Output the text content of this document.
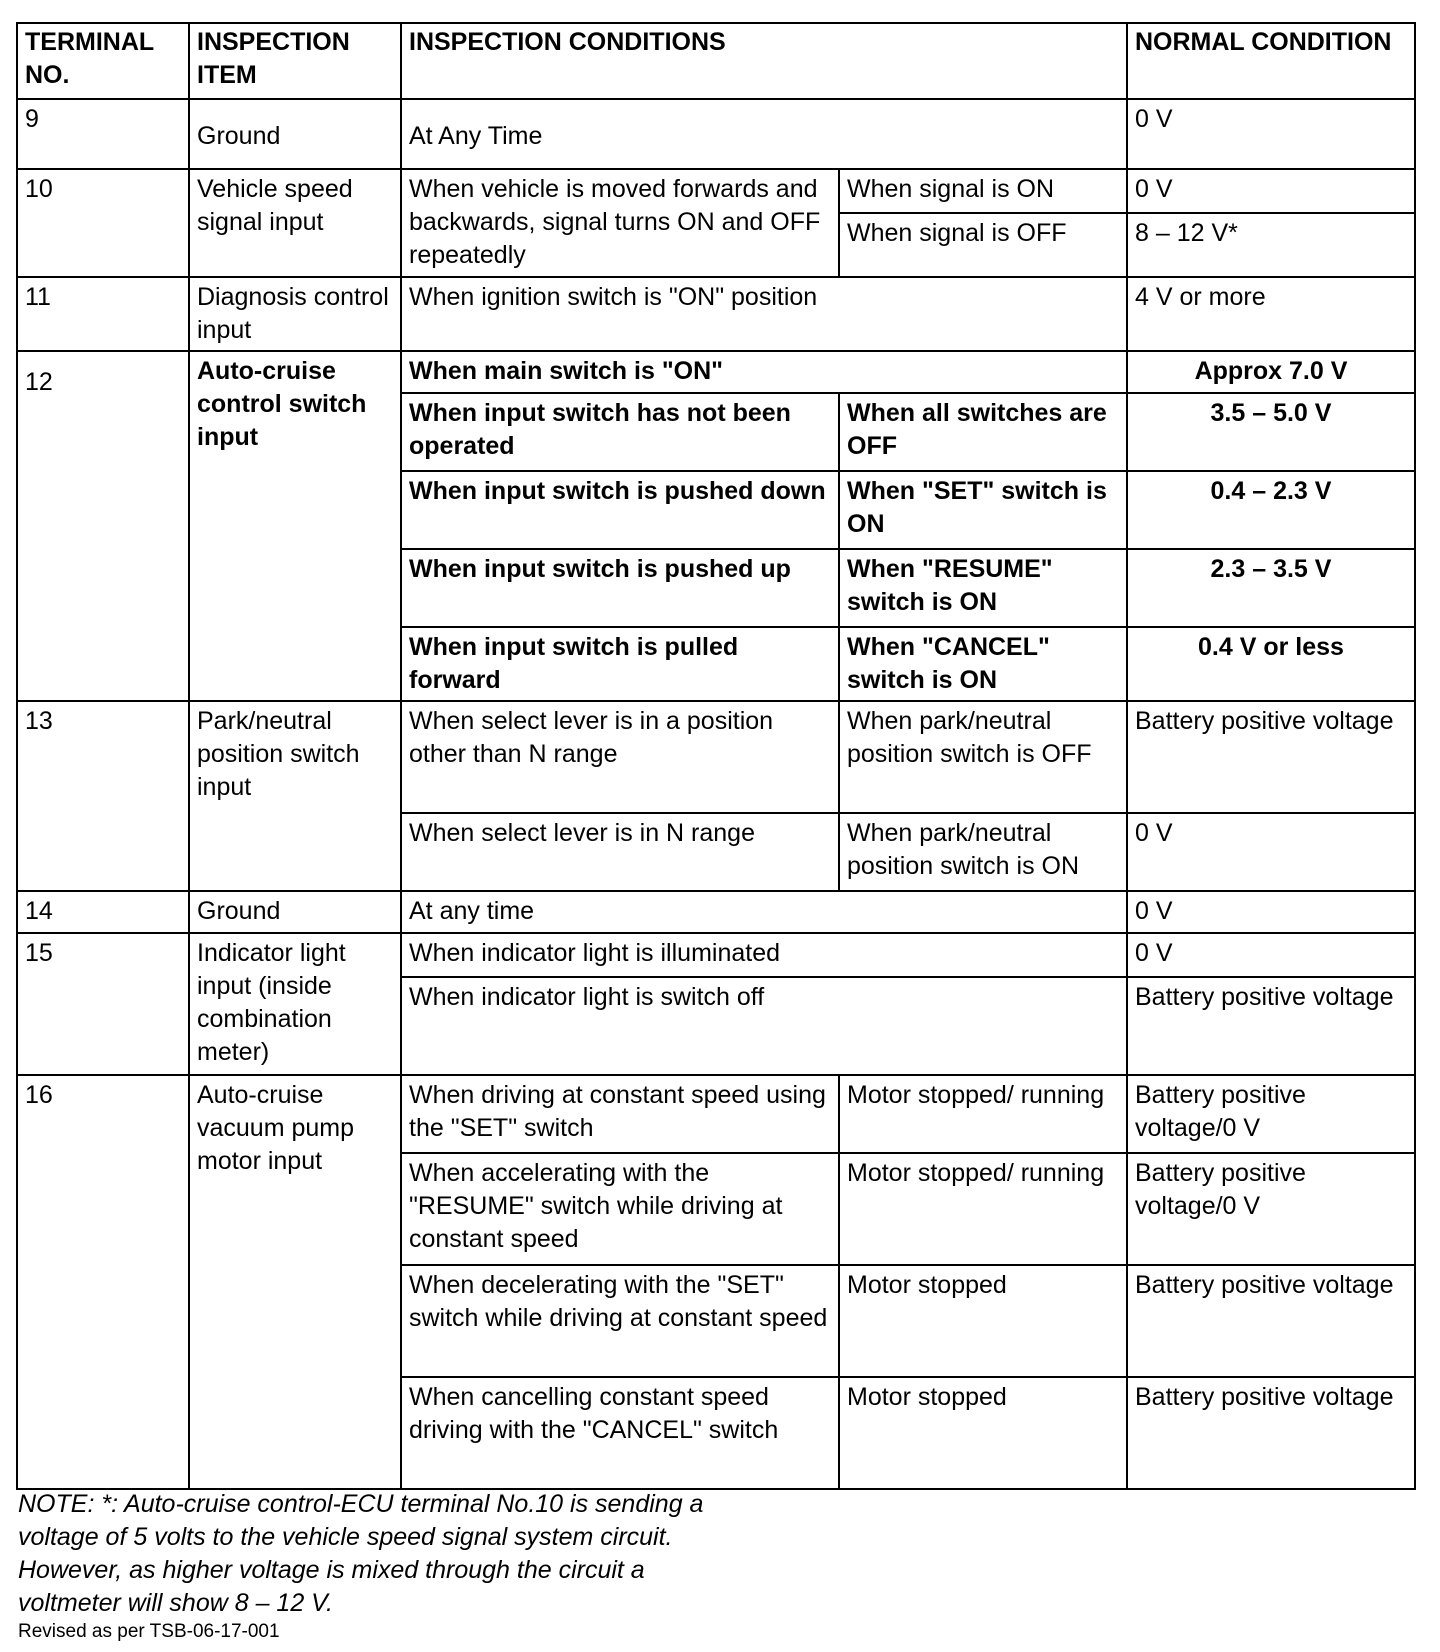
TERMINAL NO.	INSPECTION ITEM	INSPECTION CONDITIONS		NORMAL CONDITION
9	Ground	At Any Time		0 V
10	Vehicle speed signal input	When vehicle is moved forwards and backwards, signal turns ON and OFF repeatedly	When signal is ON	0 V
			When signal is OFF	8 – 12 V*
11	Diagnosis control input	When ignition switch is "ON" position		4 V or more
12	Auto-cruise control switch input	When main switch is "ON"		Approx 7.0 V
		When input switch has not been operated	When all switches are OFF	3.5 – 5.0 V
		When input switch is pushed down	When "SET" switch is ON	0.4 – 2.3 V
		When input switch is pushed up	When "RESUME" switch is ON	2.3 – 3.5 V
		When input switch is pulled forward	When "CANCEL" switch is ON	0.4 V or less
13	Park/neutral position switch input	When select lever is in a position other than N range	When park/neutral position switch is OFF	Battery positive voltage
		When select lever is in N range	When park/neutral position switch is ON	0 V
14	Ground	At any time		0 V
15	Indicator light input (inside combination meter)	When indicator light is illuminated		0 V
		When indicator light is switch off		Battery positive voltage
16	Auto-cruise vacuum pump motor input	When driving at constant speed using the "SET" switch	Motor stopped/ running	Battery positive voltage/0 V
		When accelerating with the "RESUME" switch while driving at constant speed	Motor stopped/ running	Battery positive voltage/0 V
		When decelerating with the "SET" switch while driving at constant speed	Motor stopped	Battery positive voltage
		When cancelling constant speed driving with the "CANCEL" switch	Motor stopped	Battery positive voltage
NOTE: *: Auto-cruise control-ECU terminal No.10 is sending a voltage of 5 volts to the vehicle speed signal system circuit. However, as higher voltage is mixed through the circuit a voltmeter will show 8 – 12 V.
Revised as per TSB-06-17-001
